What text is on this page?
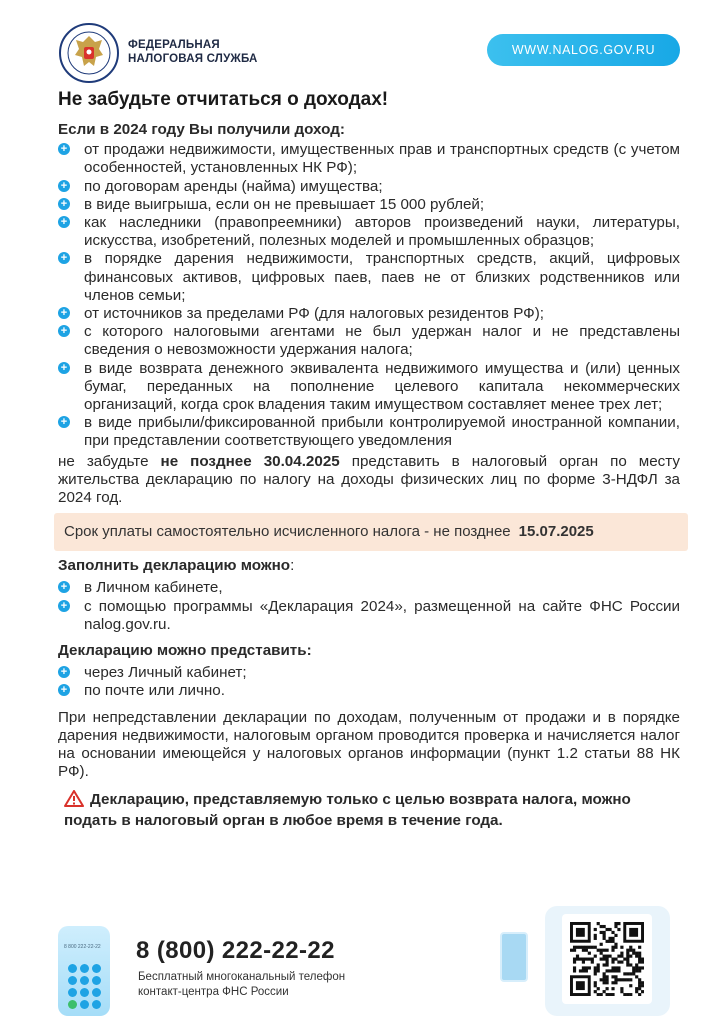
ФЕДЕРАЛЬНАЯ
НАЛОГОВАЯ СЛУЖБА
WWW.NALOG.GOV.RU
Не забудьте отчитаться о доходах!
Если в 2024 году Вы получили доход:
+ от продажи недвижимости, имущественных прав и транспортных средств (с учетом особенностей, установленных НК РФ);
+ по договорам аренды (найма) имущества;
+ в виде выигрыша, если он не превышает 15 000 рублей;
+ как наследники (правопреемники) авторов произведений науки, литературы, искусства, изобретений, полезных моделей и промышленных образцов;
+ в порядке дарения недвижимости, транспортных средств, акций, цифровых финансовых активов, цифровых паев, паев не от близких родственников или членов семьи;
+ от источников за пределами РФ (для налоговых резидентов РФ);
+ с которого налоговыми агентами не был удержан налог и не представлены сведения о невозможности удержания налога;
+ в виде возврата денежного эквивалента недвижимого имущества и (или) ценных бумаг, переданных на пополнение целевого капитала некоммерческих организаций, когда срок владения таким имуществом составляет менее трех лет;
+ в виде прибыли/фиксированной прибыли контролируемой иностранной компании, при представлении соответствующего уведомления
не забудьте не позднее 30.04.2025 представить в налоговый орган по месту жительства декларацию по налогу на доходы физических лиц по форме 3-НДФЛ за 2024 год.
Срок уплаты самостоятельно исчисленного налога - не позднее 15.07.2025
Заполнить декларацию можно:
+ в Личном кабинете,
+ с помощью программы «Декларация 2024», размещенной на сайте ФНС России nalog.gov.ru.
Декларацию можно представить:
+ через Личный кабинет;
+ по почте или лично.
При непредставлении декларации по доходам, полученным от продажи и в порядке дарения недвижимости, налоговым органом проводится проверка и начисляется налог на основании имеющейся у налоговых органов информации (пункт 1.2 статьи 88 НК РФ).
Декларацию, представляемую только с целью возврата налога, можно подать в налоговый орган в любое время в течение года.
8 800 222-22-22 8 (800) 222-22-22
Бесплатный многоканальный телефон
контакт-центра ФНС России
